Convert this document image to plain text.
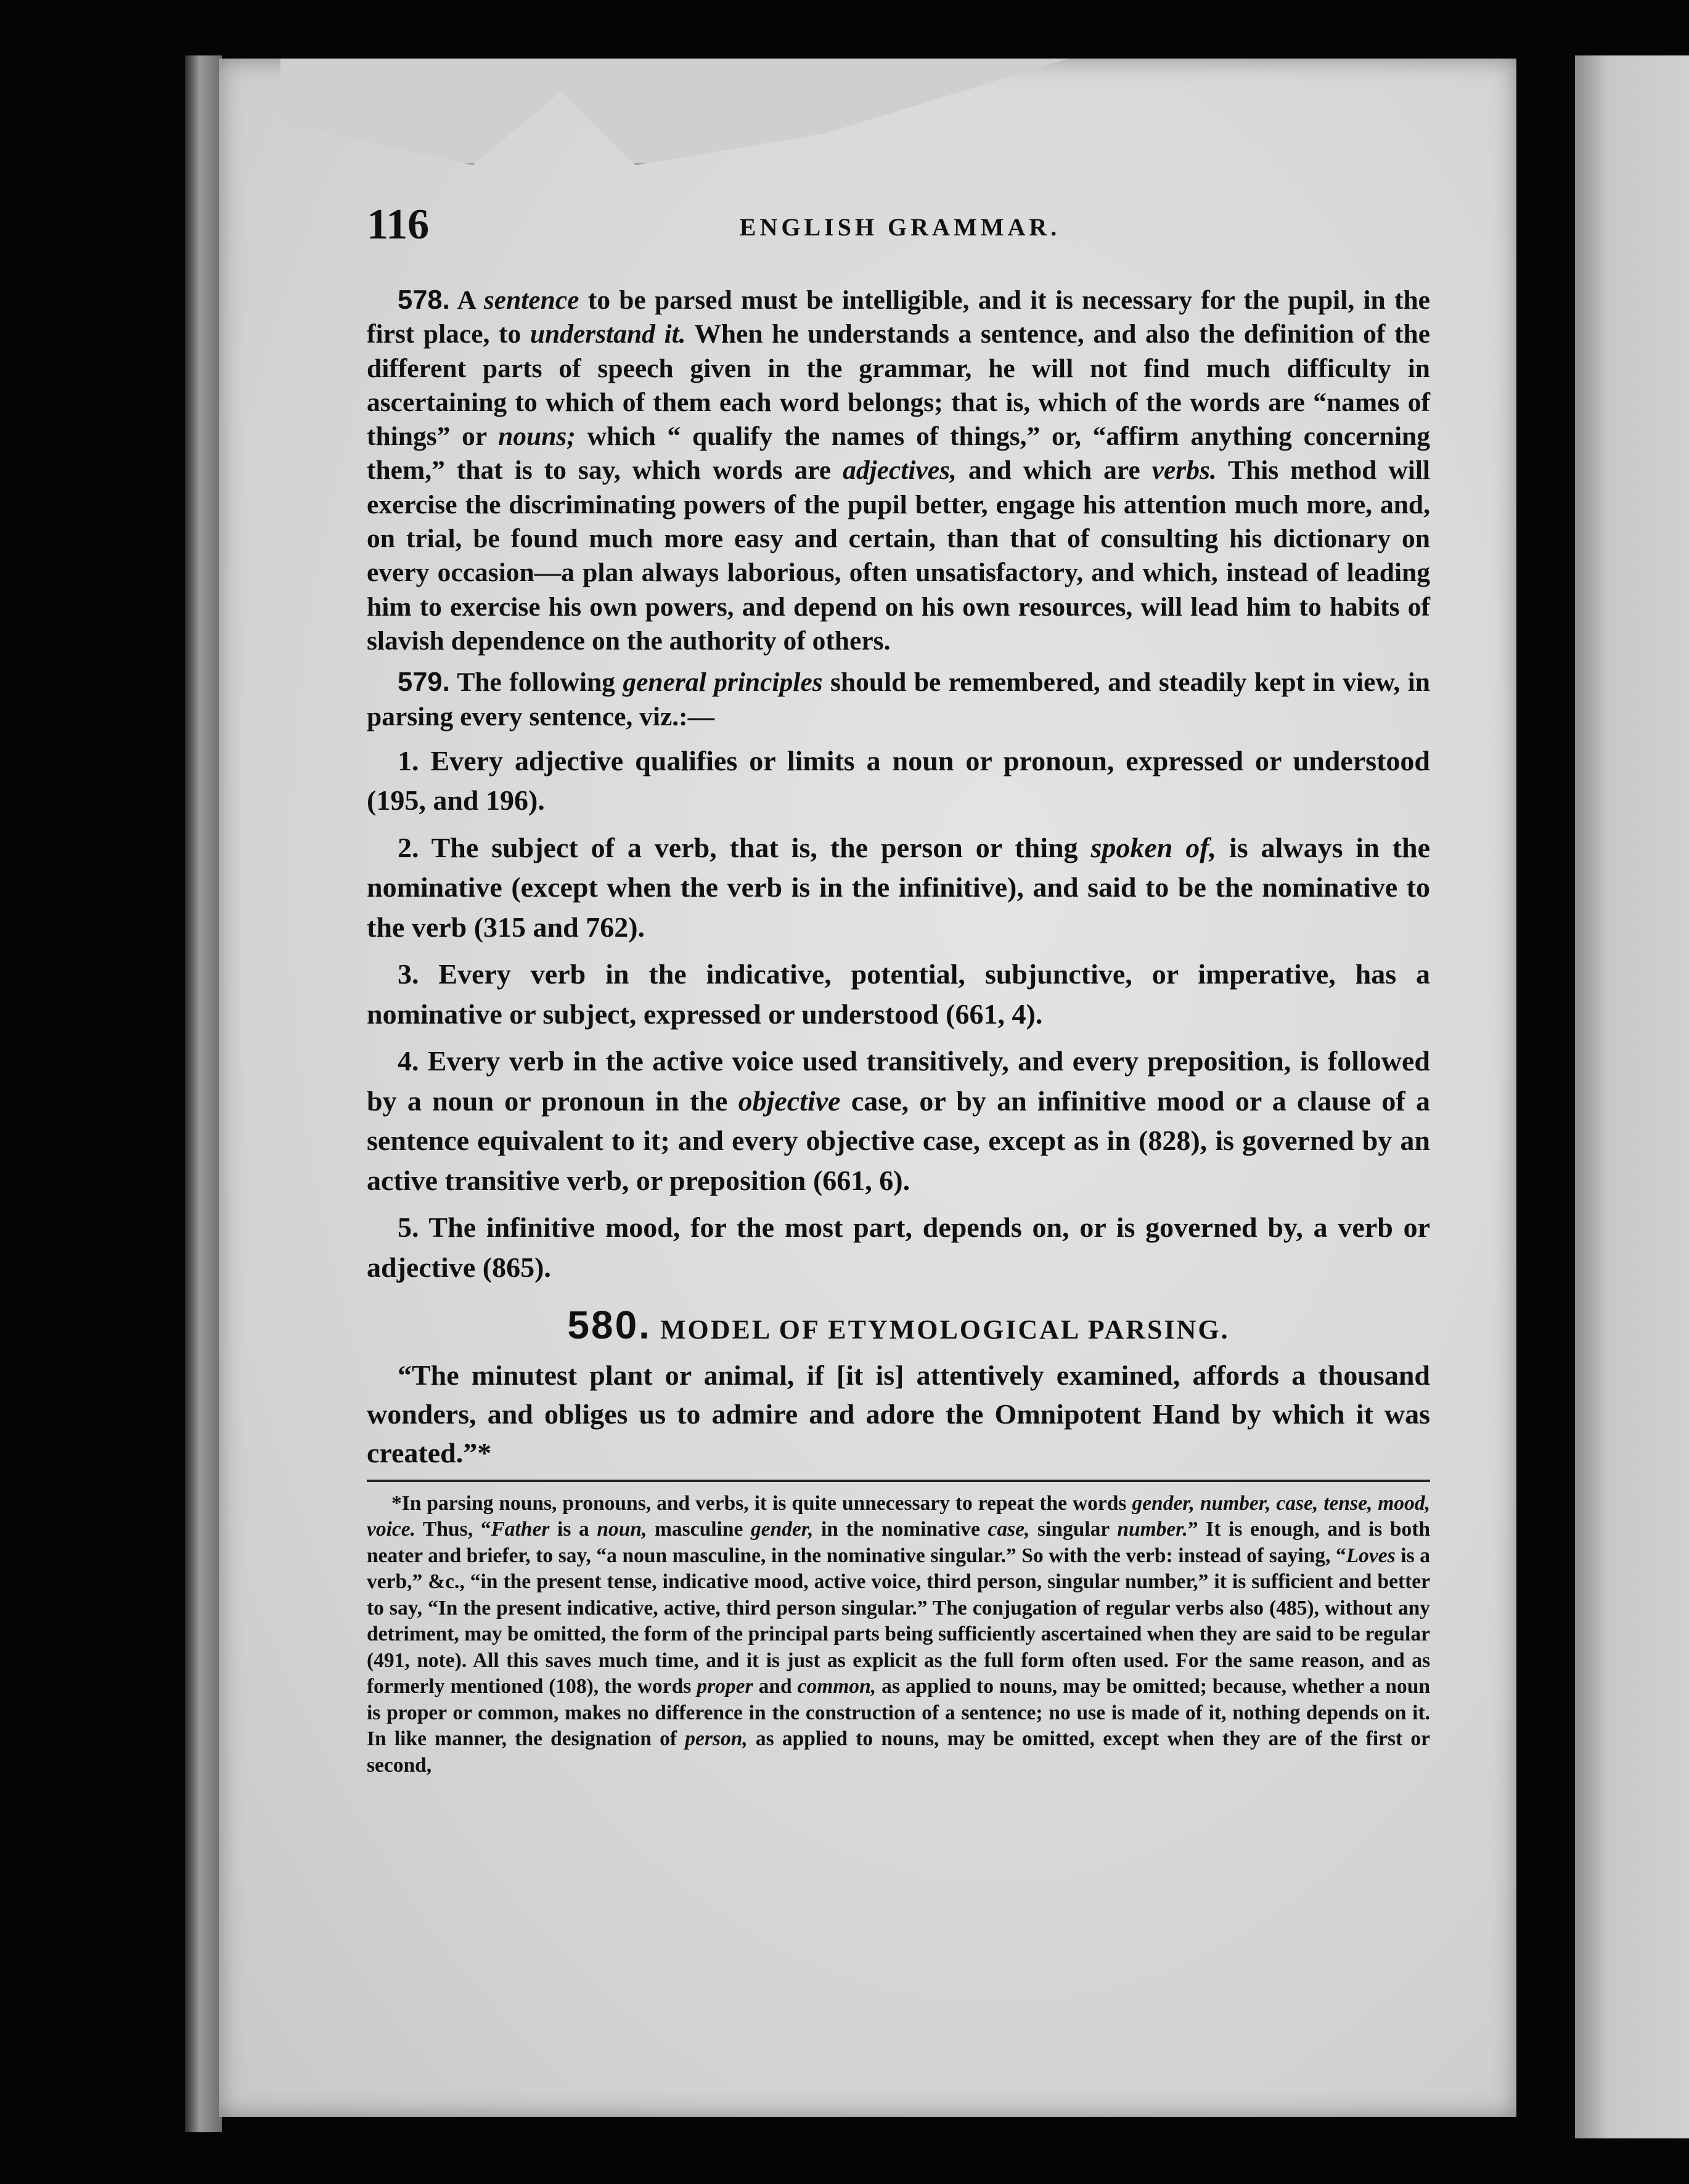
116	ENGLISH GRAMMAR.

578. A sentence to be parsed must be intelligible, and it is necessary for the pupil, in the first place, to understand it. When he understands a sentence, and also the definition of the different parts of speech given in the grammar, he will not find much difficulty in ascertaining to which of them each word belongs; that is, which of the words are “names of things” or nouns; which “ qualify the names of things,” or, “affirm anything concerning them,” that is to say, which words are adjectives, and which are verbs. This method will exercise the discriminating powers of the pupil better, engage his attention much more, and, on trial, be found much more easy and certain, than that of consulting his dictionary on every occasion—a plan always laborious, often unsatisfactory, and which, instead of leading him to exercise his own powers, and depend on his own resources, will lead him to habits of slavish dependence on the authority of others.

579. The following general principles should be remembered, and steadily kept in view, in parsing every sentence, viz.:—

1. Every adjective qualifies or limits a noun or pronoun, expressed or understood (195, and 196).

2. The subject of a verb, that is, the person or thing spoken of, is always in the nominative (except when the verb is in the infinitive), and said to be the nominative to the verb (315 and 762).

3. Every verb in the indicative, potential, subjunctive, or imperative, has a nominative or subject, expressed or understood (661, 4).

4. Every verb in the active voice used transitively, and every preposition, is followed by a noun or pronoun in the objective case, or by an infinitive mood or a clause of a sentence equivalent to it; and every objective case, except as in (828), is governed by an active transitive verb, or preposition (661, 6).

5. The infinitive mood, for the most part, depends on, or is governed by, a verb or adjective (865).

580. MODEL OF ETYMOLOGICAL PARSING.

“The minutest plant or animal, if [it is] attentively examined, affords a thousand wonders, and obliges us to admire and adore the Omnipotent Hand by which it was created.”*

*In parsing nouns, pronouns, and verbs, it is quite unnecessary to repeat the words gender, number, case, tense, mood, voice. Thus, “Father is a noun, masculine gender, in the nominative case, singular number.” It is enough, and is both neater and briefer, to say, “a noun masculine, in the nominative singular.” So with the verb: instead of saying, “Loves is a verb,” &c., “in the present tense, indicative mood, active voice, third person, singular number,” it is sufficient and better to say, “In the present indicative, active, third person singular.” The conjugation of regular verbs also (485), without any detriment, may be omitted, the form of the principal parts being sufficiently ascertained when they are said to be regular (491, note). All this saves much time, and it is just as explicit as the full form often used. For the same reason, and as formerly mentioned (108), the words proper and common, as applied to nouns, may be omitted; because, whether a noun is proper or common, makes no difference in the construction of a sentence; no use is made of it, nothing depends on it. In like manner, the designation of person, as applied to nouns, may be omitted, except when they are of the first or second,
